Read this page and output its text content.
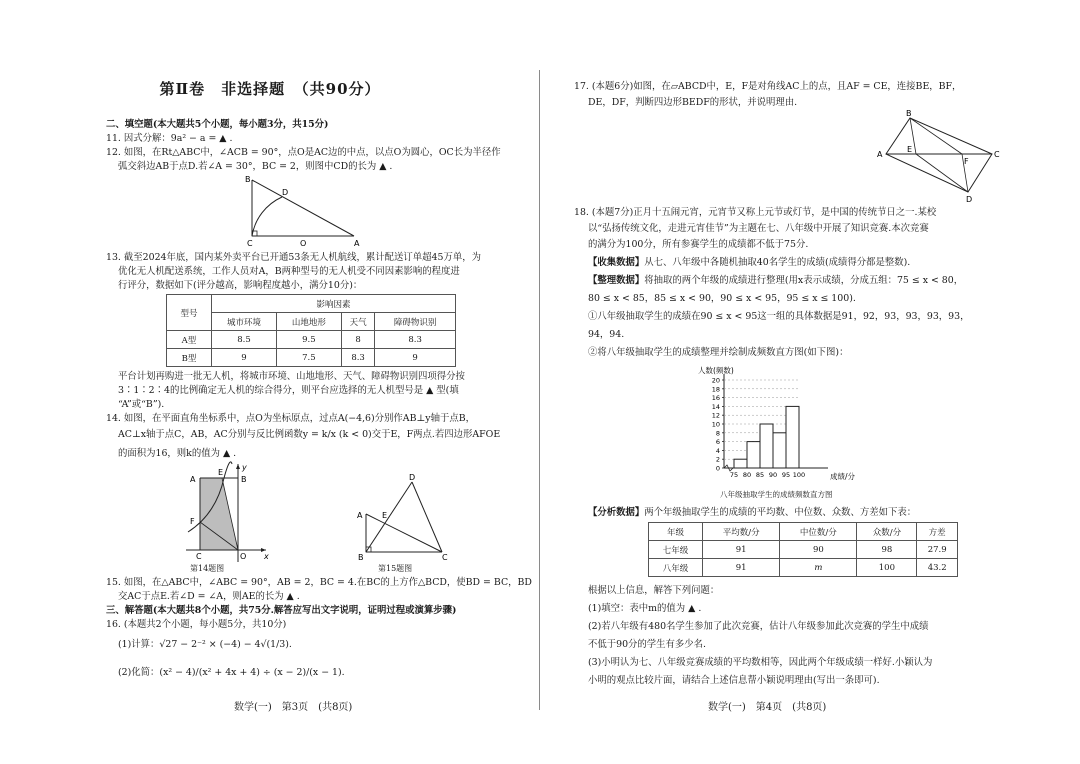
第Ⅱ卷　非选择题　（共90分）
二、填空题(本大题共5个小题，每小题3分，共15分)
11. 因式分解：9a² − a = ▲ .
12. 如图，在Rt△ABC中，∠ACB = 90°，点O是AC边的中点，以点O为圆心，OC长为半径作
弧交斜边AB于点D.若∠A = 30°，BC = 2，则图中CD的长为 ▲ .
B
D
C	O	A
13. 截至2024年底，国内某外卖平台已开通53条无人机航线，累计配送订单超45万单，为
优化无人机配送系统，工作人员对A，B两种型号的无人机受不同因素影响的程度进
行评分，数据如下(评分越高，影响程度越小，满分10分)：
型号	影响因素			
	城市环境	山地地形	天气	障碍物识别
A型	8.5	9.5	8	8.3
B型	9	7.5	8.3	9
平台计划再购进一批无人机，将城市环境、山地地形、天气、障碍物识别四项得分按
3∶1∶2∶4的比例确定无人机的综合得分，则平台应选择的无人机型号是 ▲ 型(填
“A”或“B”).
14. 如图，在平面直角坐标系中，点O为坐标原点，过点A(−4,6)分别作AB⊥y轴于点B，
AC⊥x轴于点C，AB，AC分别与反比例函数y = k/x (k < 0)交于E，F两点.若四边形AFOE
的面积为16，则k的值为 ▲ .
A
E
B
y
F
C	O x
第14题图
D
E
A
B	C
第15题图
15. 如图，在△ABC中，∠ABC = 90°，AB = 2，BC = 4.在BC的上方作△BCD，使BD = BC，BD
交AC于点E.若∠D = ∠A，则AE的长为 ▲ .
三、解答题(本大题共8个小题，共75分.解答应写出文字说明，证明过程或演算步骤)
16. (本题共2个小题，每小题5分，共10分)
(1)计算：√27 − 2⁻² × (−4) − 4√(1/3).
(2)化简：(x² − 4)/(x² + 4x + 4) ÷ (x − 2)/(x − 1).
数学(一)　第3页　(共8页)
17. (本题6分)如图，在▱ABCD中，E，F是对角线AC上的点，且AF = CE，连接BE，BF，
DE，DF，判断四边形BEDF的形状，并说明理由.
B
E
A
F
C
D
18. (本题7分)正月十五闹元宵，元宵节又称上元节或灯节，是中国的传统节日之一.某校
以“弘扬传统文化，走进元宵佳节”为主题在七、八年级中开展了知识竞赛.本次竞赛
的满分为100分，所有参赛学生的成绩都不低于75分.
【收集数据】从七、八年级中各随机抽取40名学生的成绩(成绩得分都是整数).
【整理数据】将抽取的两个年级的成绩进行整理(用x表示成绩，分成五组：75 ≤ x < 80，
80 ≤ x < 85，85 ≤ x < 90，90 ≤ x < 95，95 ≤ x ≤ 100).
①八年级抽取学生的成绩在90 ≤ x < 95这一组的具体数据是91，92，93，93，93，93，
94，94.
②将八年级抽取学生的成绩整理并绘制成频数直方图(如下图)：
人数(频数)
成绩/分
0
2
4
6
8
10
12
14
16
18
20
75 80 85 90 95 100
八年级抽取学生的成绩频数直方图
【分析数据】两个年级抽取学生的成绩的平均数、中位数、众数、方差如下表：
年级	平均数/分	中位数/分	众数/分	方差
七年级	91	90	98	27.9
八年级	91	m	100	43.2
根据以上信息，解答下列问题：
(1)填空：表中m的值为 ▲ .
(2)若八年级有480名学生参加了此次竞赛，估计八年级参加此次竞赛的学生中成绩
不低于90分的学生有多少名.
(3)小明认为七、八年级竞赛成绩的平均数相等，因此两个年级成绩一样好.小颖认为
小明的观点比较片面，请结合上述信息帮小颖说明理由(写出一条即可).
数学(一)　第4页　(共8页)
